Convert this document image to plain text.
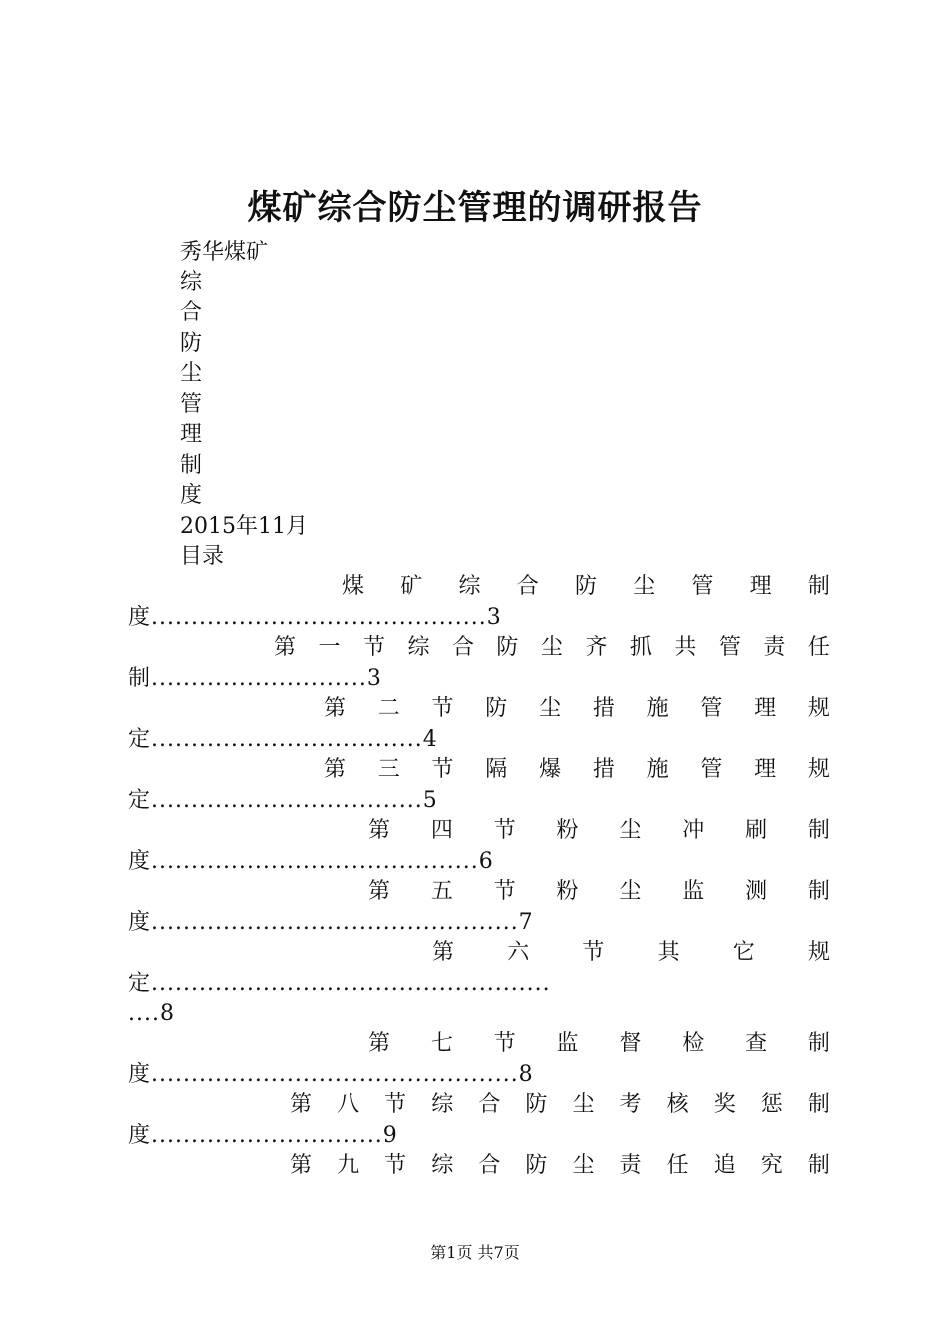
煤矿综合防尘管理的调研报告
秀华煤矿
综
合
防
尘
管
理
制
度
2015年11月
目录
煤 矿 综 合 防 尘 管 理 制
度..........................................3
第 一 节 综 合 防 尘 齐 抓 共 管 责 任
制...........................3
第 二 节 防 尘 措 施 管 理 规
定..................................4
第 三 节 隔 爆 措 施 管 理 规
定..................................5
第 四 节 粉 尘 冲 刷 制
度.........................................6
第 五 节 粉 尘 监 测 制
度..............................................7
第 六 节 其 它 规
定..................................................
....8
第 七 节 监 督 检 查 制
度..............................................8
第 八 节 综 合 防 尘 考 核 奖 惩 制
度.............................9
第 九 节 综 合 防 尘 责 任 追 究 制
第1页 共7页
